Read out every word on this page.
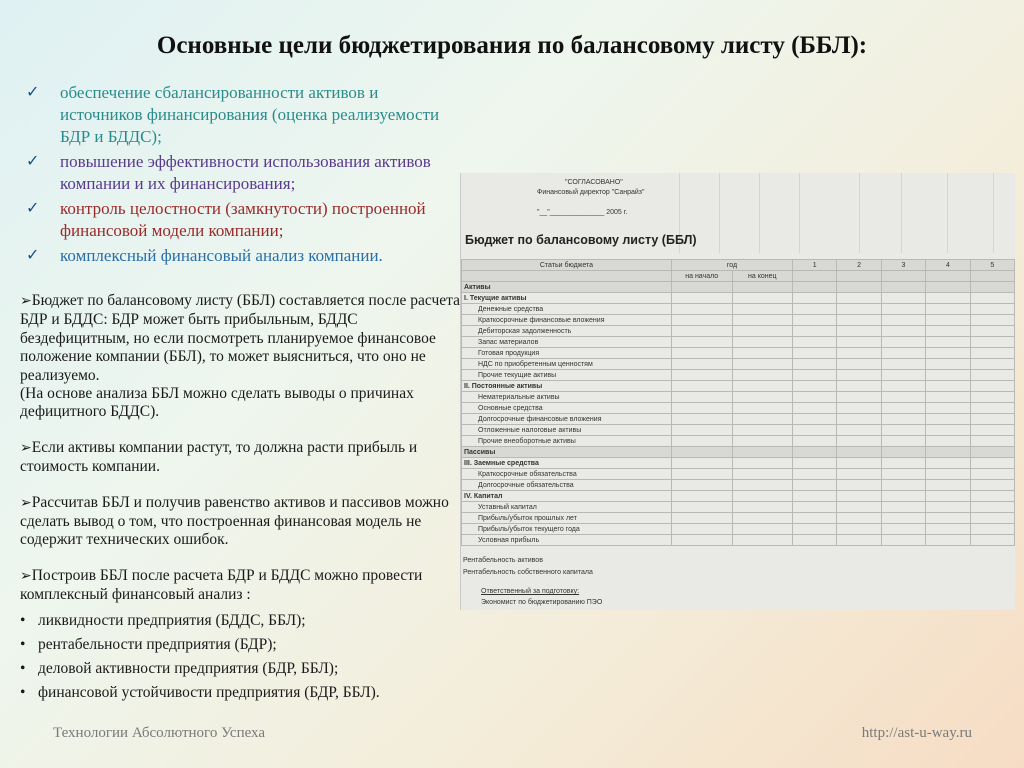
Основные цели бюджетирования по балансовому листу (ББЛ):
✓	обеспечение сбалансированности активов и источников финансирования (оценка реализуемости БДР и БДДС);
✓	повышение эффективности использования активов компании и их финансирования;
✓	контроль целостности (замкнутости) построенной финансовой модели компании;
✓	комплексный финансовый анализ компании.
➢Бюджет по балансовому листу (ББЛ) составляется после расчета БДР и БДДС: БДР может быть прибыльным, БДДС бездефицитным, но если посмотреть планируемое финансовое положение компании (ББЛ), то может выясниться, что оно не реализуемо.
(На основе анализа ББЛ можно сделать выводы о причинах дефицитного БДДС).
➢Если активы компании растут, то должна расти прибыль и стоимость компании.
➢Рассчитав ББЛ и получив равенство активов и пассивов можно сделать вывод о том, что построенная финансовая модель не содержит технических ошибок.
➢Построив ББЛ после расчета БДР и БДДС можно провести комплексный финансовый анализ :
• ликвидности предприятия (БДДС, ББЛ);
• рентабельности предприятия (БДР);
• деловой активности предприятия (БДР, ББЛ);
• финансовой устойчивости предприятия (БДР, ББЛ).
"СОГЛАСОВАНО"
Финансовый директор "Санрайз"
"__"______________ 2005 г.
Бюджет по балансовому листу (ББЛ)
Статьи бюджета	год		1	2	3	4	5
	на начало	на конец					
Активы							
I. Текущие активы							
Денежные средства							
Краткосрочные финансовые вложения							
Дебиторская задолженность							
Запас материалов							
Готовая продукция							
НДС по приобретенным ценностям							
Прочие текущие активы							
II. Постоянные активы							
Нематериальные активы							
Основные средства							
Долгосрочные финансовые вложения							
Отложенные налоговые активы							
Прочие внеоборотные активы							
Пассивы							
III. Заемные средства							
Краткосрочные обязательства							
Долгосрочные обязательства							
IV. Капитал							
Уставный капитал							
Прибыль/убыток прошлых лет							
Прибыль/убыток текущего года							
Условная прибыль							
Рентабельность активов
Рентабельность собственного капитала
Ответственный за подготовку:
Экономист по бюджетированию ПЭО
Технологии Абсолютного Успеха	http://ast-u-way.ru
